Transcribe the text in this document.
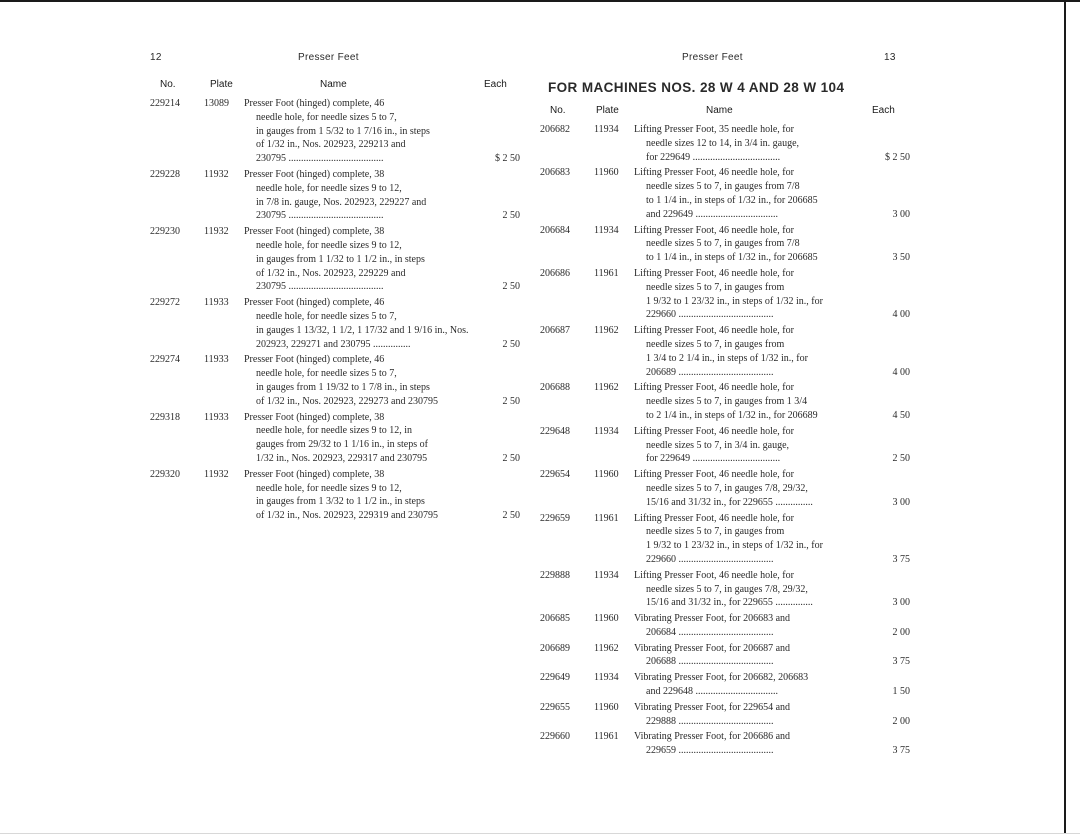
12	Presser Feet
No.	Plate	Name	Each
229214	13089	Presser Foot (hinged) complete, 46
needle hole, for needle sizes 5 to 7,
in gauges from 1 5/32 to 1 7/16 in., in steps
of 1/32 in., Nos. 202923, 229213 and
230795 ......................................	$ 2 50
229228	11932	Presser Foot (hinged) complete, 38
needle hole, for needle sizes 9 to 12,
in 7/8 in. gauge, Nos. 202923, 229227 and
230795 ......................................	2 50
229230	11932	Presser Foot (hinged) complete, 38
needle hole, for needle sizes 9 to 12,
in gauges from 1 1/32 to 1 1/2 in., in steps
of 1/32 in., Nos. 202923, 229229 and
230795 ......................................	2 50
229272	11933	Presser Foot (hinged) complete, 46
needle hole, for needle sizes 5 to 7,
in gauges 1 13/32, 1 1/2, 1 17/32 and 1 9/16 in., Nos.
202923, 229271 and 230795 ...............	2 50
229274	11933	Presser Foot (hinged) complete, 46
needle hole, for needle sizes 5 to 7,
in gauges from 1 19/32 to 1 7/8 in., in steps
of 1/32 in., Nos. 202923, 229273 and 230795	2 50
229318	11933	Presser Foot (hinged) complete, 38
needle hole, for needle sizes 9 to 12, in
gauges from 29/32 to 1 1/16 in., in steps of
1/32 in., Nos. 202923, 229317 and 230795	2 50
229320	11932	Presser Foot (hinged) complete, 38
needle hole, for needle sizes 9 to 12,
in gauges from 1 3/32 to 1 1/2 in., in steps
of 1/32 in., Nos. 202923, 229319 and 230795	2 50
Presser Feet	13
FOR MACHINES NOS. 28 W 4 AND 28 W 104
No.	Plate	Name	Each
206682	11934	Lifting Presser Foot, 35 needle hole, for
needle sizes 12 to 14, in 3/4 in. gauge,
for 229649 ...................................	$ 2 50
206683	11960	Lifting Presser Foot, 46 needle hole, for
needle sizes 5 to 7, in gauges from 7/8
to 1 1/4 in., in steps of 1/32 in., for 206685
and 229649 .................................	3 00
206684	11934	Lifting Presser Foot, 46 needle hole, for
needle sizes 5 to 7, in gauges from 7/8
to 1 1/4 in., in steps of 1/32 in., for 206685	3 50
206686	11961	Lifting Presser Foot, 46 needle hole, for
needle sizes 5 to 7, in gauges from
1 9/32 to 1 23/32 in., in steps of 1/32 in., for
229660 ......................................	4 00
206687	11962	Lifting Presser Foot, 46 needle hole, for
needle sizes 5 to 7, in gauges from
1 3/4 to 2 1/4 in., in steps of 1/32 in., for
206689 ......................................	4 00
206688	11962	Lifting Presser Foot, 46 needle hole, for
needle sizes 5 to 7, in gauges from 1 3/4
to 2 1/4 in., in steps of 1/32 in., for 206689	4 50
229648	11934	Lifting Presser Foot, 46 needle hole, for
needle sizes 5 to 7, in 3/4 in. gauge,
for 229649 ...................................	2 50
229654	11960	Lifting Presser Foot, 46 needle hole, for
needle sizes 5 to 7, in gauges 7/8, 29/32,
15/16 and 31/32 in., for 229655 ...............	3 00
229659	11961	Lifting Presser Foot, 46 needle hole, for
needle sizes 5 to 7, in gauges from
1 9/32 to 1 23/32 in., in steps of 1/32 in., for
229660 ......................................	3 75
229888	11934	Lifting Presser Foot, 46 needle hole, for
needle sizes 5 to 7, in gauges 7/8, 29/32,
15/16 and 31/32 in., for 229655 ...............	3 00
206685	11960	Vibrating Presser Foot, for 206683 and
206684 ......................................	2 00
206689	11962	Vibrating Presser Foot, for 206687 and
206688 ......................................	3 75
229649	11934	Vibrating Presser Foot, for 206682, 206683
and 229648 .................................	1 50
229655	11960	Vibrating Presser Foot, for 229654 and
229888 ......................................	2 00
229660	11961	Vibrating Presser Foot, for 206686 and
229659 ......................................	3 75
